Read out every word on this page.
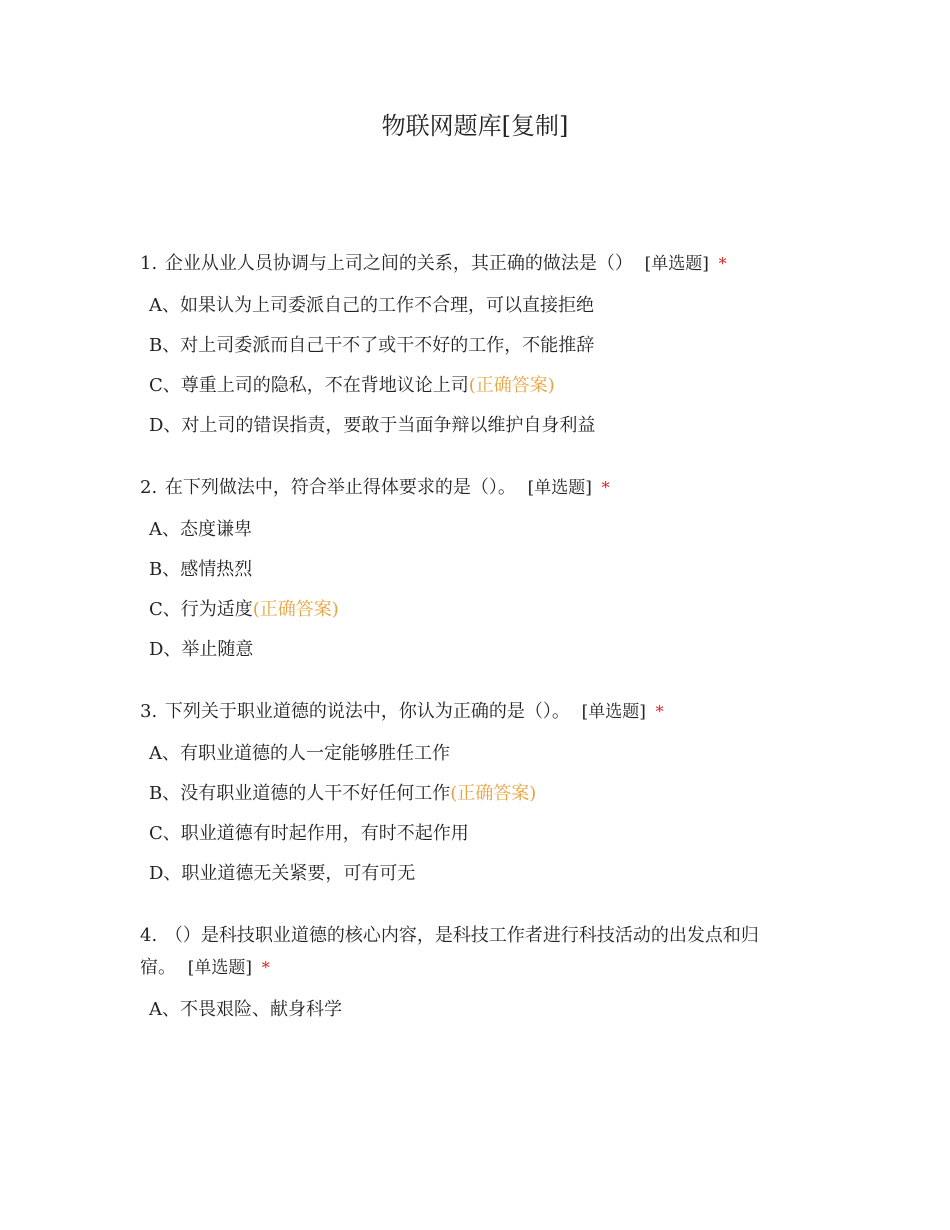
物联网题库[复制]
1. 企业从业人员协调与上司之间的关系，其正确的做法是（） [单选题] *
A、如果认为上司委派自己的工作不合理，可以直接拒绝
B、对上司委派而自己干不了或干不好的工作，不能推辞
C、尊重上司的隐私，不在背地议论上司(正确答案)
D、对上司的错误指责，要敢于当面争辩以维护自身利益
2. 在下列做法中，符合举止得体要求的是（）。 [单选题] *
A、态度谦卑
B、感情热烈
C、行为适度(正确答案)
D、举止随意
3. 下列关于职业道德的说法中，你认为正确的是（）。 [单选题] *
A、有职业道德的人一定能够胜任工作
B、没有职业道德的人干不好任何工作(正确答案)
C、职业道德有时起作用，有时不起作用
D、职业道德无关紧要，可有可无
4. （）是科技职业道德的核心内容，是科技工作者进行科技活动的出发点和归宿。 [单选题] *
A、不畏艰险、献身科学
